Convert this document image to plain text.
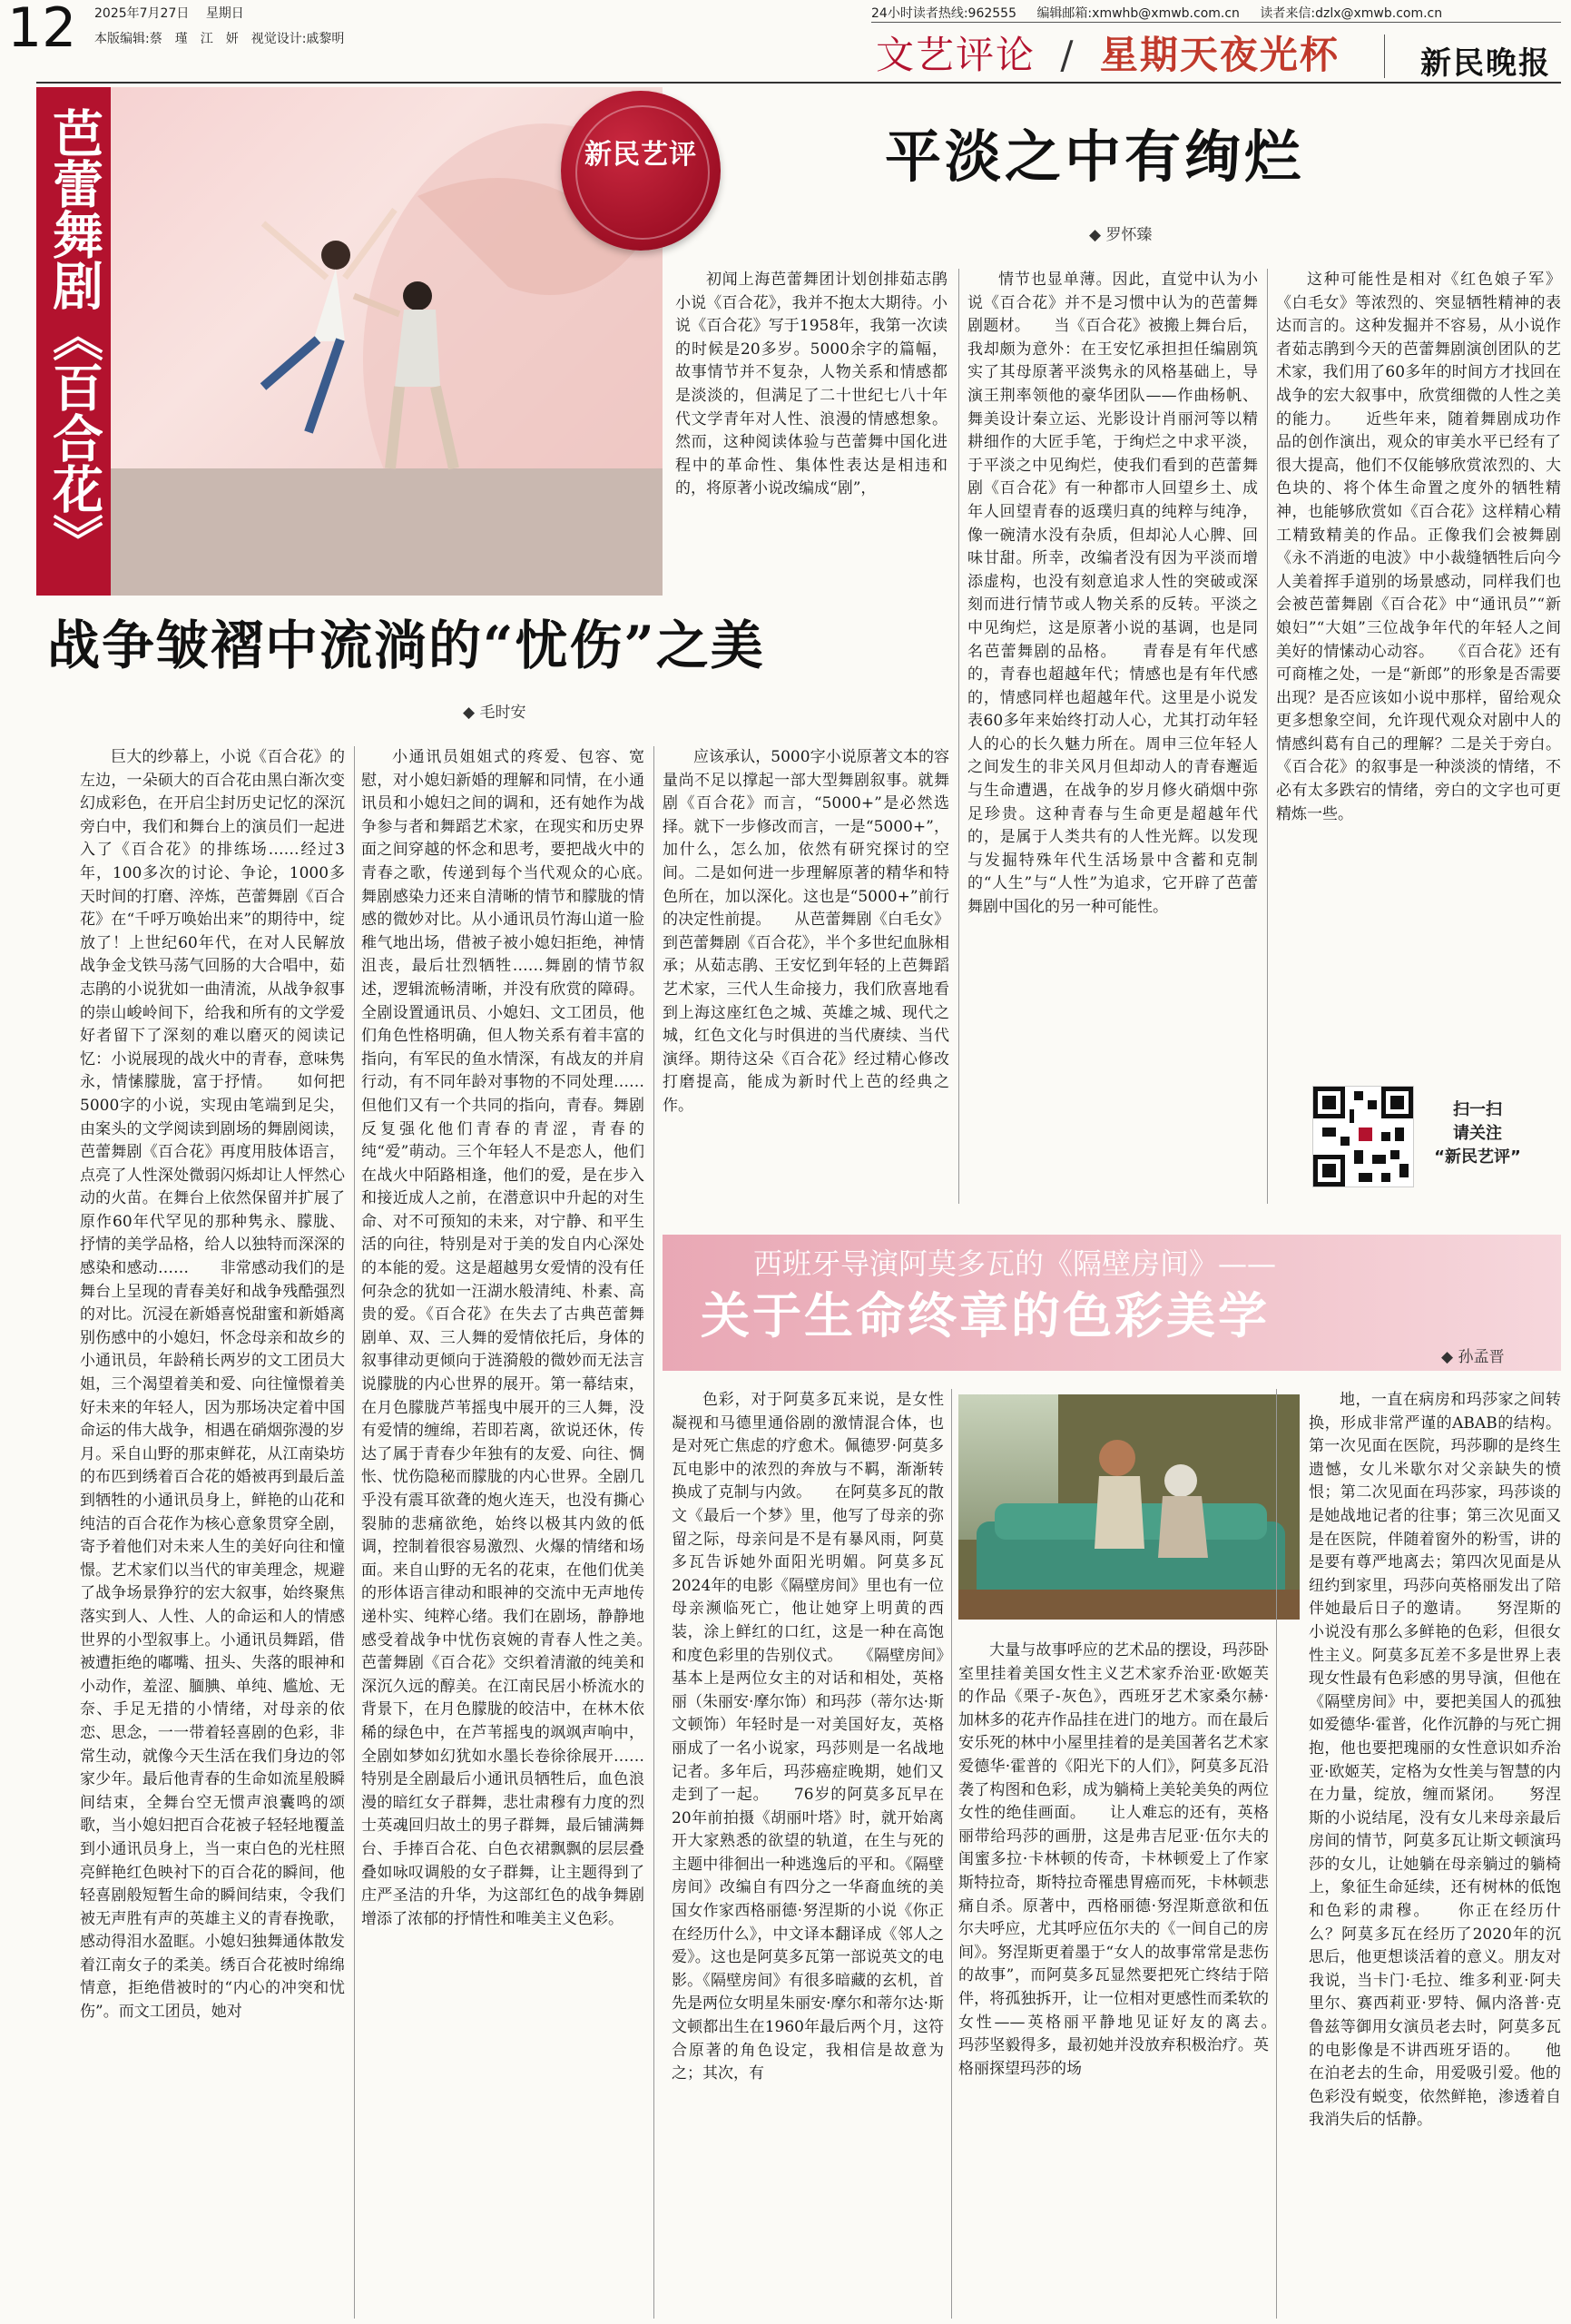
12 2025年7月27日 星期日
本版编辑:蔡　瑾　江　妍　视觉设计:戚黎明
24小时读者热线:962555 编辑邮箱:xmwhb@xmwb.com.cn 读者来信:dzlx@xmwb.com.cn
文艺评论 / 星期天夜光杯	新民晚报
芭蕾舞剧《百合花》	新民艺评	平淡之中有绚烂
◆ 罗怀臻
初闻上海芭蕾舞团计划创排茹志鹃小说《百合花》，我并不抱太大期待。小说《百合花》写于1958年，我第一次读的时候是20多岁。5000余字的篇幅，故事情节并不复杂，人物关系和情感都是淡淡的，但满足了二十世纪七八十年代文学青年对人性、浪漫的情感想象。然而，这种阅读体验与芭蕾舞中国化进程中的革命性、集体性表达是相违和的，将原著小说改编成“剧”，
情节也显单薄。因此，直觉中认为小说《百合花》并不是习惯中认为的芭蕾舞剧题材。　　当《百合花》被搬上舞台后，我却颇为意外：在王安忆承担担任编剧筑实了其母原著平淡隽永的风格基础上，导演王荆率领他的豪华团队——作曲杨帆、舞美设计秦立运、光影设计肖丽河等以精耕细作的大匠手笔，于绚烂之中求平淡，于平淡之中见绚烂，使我们看到的芭蕾舞剧《百合花》有一种都市人回望乡土、成年人回望青春的返璞归真的纯粹与纯净，像一碗清水没有杂质，但却沁人心脾、回味甘甜。所幸，改编者没有因为平淡而增添虚构，也没有刻意追求人性的突破或深刻而进行情节或人物关系的反转。平淡之中见绚烂，这是原著小说的基调，也是同名芭蕾舞剧的品格。　　青春是有年代感的，青春也超越年代；情感也是有年代感的，情感同样也超越年代。这里是小说发表60多年来始终打动人心，尤其打动年轻人的心的长久魅力所在。周申三位年轻人之间发生的非关风月但却动人的青春邂逅与生命遭遇，在战争的岁月修火硝烟中弥足珍贵。这种青春与生命更是超越年代的，是属于人类共有的人性光辉。以发现与发掘特殊年代生活场景中含蓄和克制的“人生”与“人性”为追求，它开辟了芭蕾舞剧中国化的另一种可能性。
这种可能性是相对《红色娘子军》《白毛女》等浓烈的、突显牺牲精神的表达而言的。这种发掘并不容易，从小说作者茹志鹃到今天的芭蕾舞剧演创团队的艺术家，我们用了60多年的时间方才找回在战争的宏大叙事中，欣赏细微的人性之美的能力。　　近些年来，随着舞剧成功作品的创作演出，观众的审美水平已经有了很大提高，他们不仅能够欣赏浓烈的、大色块的、将个体生命置之度外的牺牲精神，也能够欣赏如《百合花》这样精心精工精致精美的作品。正像我们会被舞剧《永不消逝的电波》中小裁缝牺牲后向今人美着挥手道别的场景感动，同样我们也会被芭蕾舞剧《百合花》中“通讯员”“新娘妇”“大姐”三位战争年代的年轻人之间美好的情愫动心动容。　　《百合花》还有可商榷之处，一是“新郎”的形象是否需要出现？是否应该如小说中那样，留给观众更多想象空间，允许现代观众对剧中人的情感纠葛有自己的理解？二是关于旁白。《百合花》的叙事是一种淡淡的情绪，不必有太多跌宕的情绪，旁白的文字也可更精炼一些。
扫一扫
请关注
“新民艺评”
战争皱褶中流淌的“忧伤”之美
◆ 毛时安
巨大的纱幕上，小说《百合花》的左边，一朵硕大的百合花由黑白渐次变幻成彩色，在开启尘封历史记忆的深沉旁白中，我们和舞台上的演员们一起进入了《百合花》的排练场……经过3年，100多次的讨论、争论，1000多天时间的打磨、淬炼，芭蕾舞剧《百合花》在“千呼万唤始出来”的期待中，绽放了！上世纪60年代，在对人民解放战争金戈铁马荡气回肠的大合唱中，茹志鹃的小说犹如一曲清流，从战争叙事的崇山峻岭间下，给我和所有的文学爱好者留下了深刻的难以磨灭的阅读记忆：小说展现的战火中的青春，意味隽永，情愫朦胧，富于抒情。　　如何把5000字的小说，实现由笔端到足尖，由案头的文学阅读到剧场的舞剧阅读，芭蕾舞剧《百合花》再度用肢体语言，点亮了人性深处微弱闪烁却让人怦然心动的火苗。在舞台上依然保留并扩展了原作60年代罕见的那种隽永、朦胧、抒情的美学品格，给人以独特而深深的感染和感动……　　非常感动我们的是舞台上呈现的青春美好和战争残酷强烈的对比。沉浸在新婚喜悦甜蜜和新婚离别伤感中的小媳妇，怀念母亲和故乡的小通讯员，年龄稍长两岁的文工团员大姐，三个渴望着美和爱、向往憧憬着美好未来的年轻人，因为那场决定着中国命运的伟大战争，相遇在硝烟弥漫的岁月。采自山野的那束鲜花，从江南染坊的布匹到绣着百合花的婚被再到最后盖到牺牲的小通讯员身上，鲜艳的山花和纯洁的百合花作为核心意象贯穿全剧，寄予着他们对未来人生的美好向往和憧憬。艺术家们以当代的审美理念，规避了战争场景狰狞的宏大叙事，始终聚焦落实到人、人性、人的命运和人的情感世界的小型叙事上。小通讯员舞蹈，借被遭拒绝的嘟嘴、扭头、失落的眼神和小动作，羞涩、腼腆、单纯、尴尬、无奈、手足无措的小情绪，对母亲的依恋、思念，一一带着轻喜剧的色彩，非常生动，就像今天生活在我们身边的邻家少年。最后他青春的生命如流星般瞬间结束，全舞台空无惯声浪囊鸣的颂歌，当小媳妇把百合花被子轻轻地覆盖到小通讯员身上，当一束白色的光柱照亮鲜艳红色映衬下的百合花的瞬间，他轻喜剧般短暂生命的瞬间结束，令我们被无声胜有声的英雄主义的青春挽歌，感动得泪水盈眶。小媳妇独舞通体散发着江南女子的柔美。绣百合花被时绵绵情意，拒绝借被时的“内心的冲突和忧伤”。而文工团员，她对
小通讯员姐姐式的疼爱、包容、宽慰，对小媳妇新婚的理解和同情，在小通讯员和小媳妇之间的调和，还有她作为战争参与者和舞蹈艺术家，在现实和历史界面之间穿越的怀念和思考，要把战火中的青春之歌，传递到每个当代观众的心底。　　舞剧感染力还来自清晰的情节和朦胧的情感的微妙对比。从小通讯员竹海山道一脸稚气地出场，借被子被小媳妇拒绝，神情沮丧，最后壮烈牺牲……舞剧的情节叙述，逻辑流畅清晰，并没有欣赏的障碍。全剧设置通讯员、小媳妇、文工团员，他们角色性格明确，但人物关系有着丰富的指向，有军民的鱼水情深，有战友的并肩行动，有不同年龄对事物的不同处理……但他们又有一个共同的指向，青春。舞剧反复强化他们青春的青涩，青春的纯“爱”萌动。三个年轻人不是恋人，他们在战火中陌路相逢，他们的爱，是在步入和接近成人之前，在潜意识中升起的对生命、对不可预知的未来，对宁静、和平生活的向往，特别是对于美的发自内心深处的本能的爱。这是超越男女爱情的没有任何杂念的犹如一汪湖水般清纯、朴素、高贵的爱。《百合花》在失去了古典芭蕾舞剧单、双、三人舞的爱情依托后，身体的叙事律动更倾向于涟漪般的微妙而无法言说朦胧的内心世界的展开。第一幕结束，在月色朦胧芦苇摇曳中展开的三人舞，没有爱情的缠绵，若即若离，欲说还休，传达了属于青春少年独有的友爱、向往、惆怅、忧伤隐秘而朦胧的内心世界。全剧几乎没有震耳欲聋的炮火连天，也没有撕心裂肺的悲痛欲绝，始终以极其内敛的低调，控制着很容易激烈、火爆的情绪和场面。来自山野的无名的花束，在他们优美的形体语言律动和眼神的交流中无声地传递朴实、纯粹心绪。我们在剧场，静静地感受着战争中忧伤哀婉的青春人性之美。　　芭蕾舞剧《百合花》交织着清澈的纯美和深沉久远的醇美。在江南民居小桥流水的背景下，在月色朦胧的皎洁中，在林木依稀的绿色中，在芦苇摇曳的飒飒声响中，全剧如梦如幻犹如水墨长卷徐徐展开……特别是全剧最后小通讯员牺牲后，血色浪漫的暗红女子群舞，悲壮肃穆有力度的烈士英魂回归故土的男子群舞，最后铺满舞台、手捧百合花、白色衣裙飘飘的层层叠叠如咏叹调般的女子群舞，让主题得到了庄严圣洁的升华，为这部红色的战争舞剧增添了浓郁的抒情性和唯美主义色彩。
应该承认，5000字小说原著文本的容量尚不足以撑起一部大型舞剧叙事。就舞剧《百合花》而言，“5000+”是必然选择。就下一步修改而言，一是“5000+”，加什么，怎么加，依然有研究探讨的空间。二是如何进一步理解原著的精华和特色所在，加以深化。这也是“5000+”前行的决定性前提。　　从芭蕾舞剧《白毛女》到芭蕾舞剧《百合花》，半个多世纪血脉相承；从茹志鹃、王安忆到年轻的上芭舞蹈艺术家，三代人生命接力，我们欣喜地看到上海这座红色之城、英雄之城、现代之城，红色文化与时俱进的当代赓续、当代演绎。期待这朵《百合花》经过精心修改打磨提高，能成为新时代上芭的经典之作。
西班牙导演阿莫多瓦的《隔壁房间》——
关于生命终章的色彩美学
◆ 孙孟晋
色彩，对于阿莫多瓦来说，是女性凝视和马德里通俗剧的激情混合体，也是对死亡焦虑的疗愈术。佩德罗·阿莫多瓦电影中的浓烈的奔放与不羁，渐渐转换成了克制与内敛。　　在阿莫多瓦的散文《最后一个梦》里，他写了母亲的弥留之际，母亲问是不是有暴风雨，阿莫多瓦告诉她外面阳光明媚。阿莫多瓦2024年的电影《隔壁房间》里也有一位母亲濒临死亡，他让她穿上明黄的西装，涂上鲜红的口红，这是一种在高饱和度色彩里的告别仪式。　　《隔壁房间》基本上是两位女主的对话和相处，英格丽（朱丽安·摩尔饰）和玛莎（蒂尔达·斯文顿饰）年轻时是一对美国好友，英格丽成了一名小说家，玛莎则是一名战地记者。多年后，玛莎癌症晚期，她们又走到了一起。　　76岁的阿莫多瓦早在20年前拍摄《胡丽叶塔》时，就开始离开大家熟悉的欲望的轨道，在生与死的主题中徘徊出一种逃逸后的平和。《隔壁房间》改编自有四分之一华裔血统的美国女作家西格丽德·努涅斯的小说《你正在经历什么》，中文译本翻译成《邻人之爱》。这也是阿莫多瓦第一部说英文的电影。《隔壁房间》有很多暗藏的玄机，首先是两位女明星朱丽安·摩尔和蒂尔达·斯文顿都出生在1960年最后两个月，这符合原著的角色设定，我相信是故意为之；其次，有
大量与故事呼应的艺术品的摆设，玛莎卧室里挂着美国女性主义艺术家乔治亚·欧姬芙的作品《栗子-灰色》，西班牙艺术家桑尔赫·加林多的花卉作品挂在进门的地方。而在最后安乐死的林中小屋里挂着的是美国著名艺术家爱德华·霍普的《阳光下的人们》，阿莫多瓦沿袭了构图和色彩，成为躺椅上美轮美奂的两位女性的绝佳画面。　　让人难忘的还有，英格丽带给玛莎的画册，这是弗吉尼亚·伍尔夫的闺蜜多拉·卡林顿的传奇，卡林顿爱上了作家斯特拉奇，斯特拉奇罹患胃癌而死，卡林顿悲痛自杀。原著中，西格丽德·努涅斯意欲和伍尔夫呼应，尤其呼应伍尔夫的《一间自己的房间》。努涅斯更着墨于“女人的故事常常是悲伤的故事”，而阿莫多瓦显然要把死亡终结于陪伴，将孤独拆开，让一位相对更感性而柔软的女性——英格丽平静地见证好友的离去。　　玛莎坚毅得多，最初她并没放弃积极治疗。英格丽探望玛莎的场
地，一直在病房和玛莎家之间转换，形成非常严谨的ABAB的结构。第一次见面在医院，玛莎聊的是终生遗憾，女儿米歇尔对父亲缺失的愤恨；第二次见面在玛莎家，玛莎谈的是她战地记者的往事；第三次见面又是在医院，伴随着窗外的粉雪，讲的是要有尊严地离去；第四次见面是从纽约到家里，玛莎向英格丽发出了陪伴她最后日子的邀请。　　努涅斯的小说没有那么多鲜艳的色彩，但很女性主义。阿莫多瓦差不多是世界上表现女性最有色彩感的男导演，但他在《隔壁房间》中，要把美国人的孤独如爱德华·霍普，化作沉静的与死亡拥抱，他也要把瑰丽的女性意识如乔治亚·欧姬芙，定格为女性美与智慧的内在力量，绽放，缠而紧闭。　　努涅斯的小说结尾，没有女儿来母亲最后房间的情节，阿莫多瓦让斯文顿演玛莎的女儿，让她躺在母亲躺过的躺椅上，象征生命延续，还有树林的低饱和色彩的肃穆。　　你正在经历什么？阿莫多瓦在经历了2020年的沉思后，他更想谈活着的意义。朋友对我说，当卡门·毛拉、维多利亚·阿夫里尔、赛西莉亚·罗特、佩内洛普·克鲁兹等御用女演员老去时，阿莫多瓦的电影像是不讲西班牙语的。　　他在泊老去的生命，用爱吸引爱。他的色彩没有蜕变，依然鲜艳，渗透着自我消失后的恬静。
